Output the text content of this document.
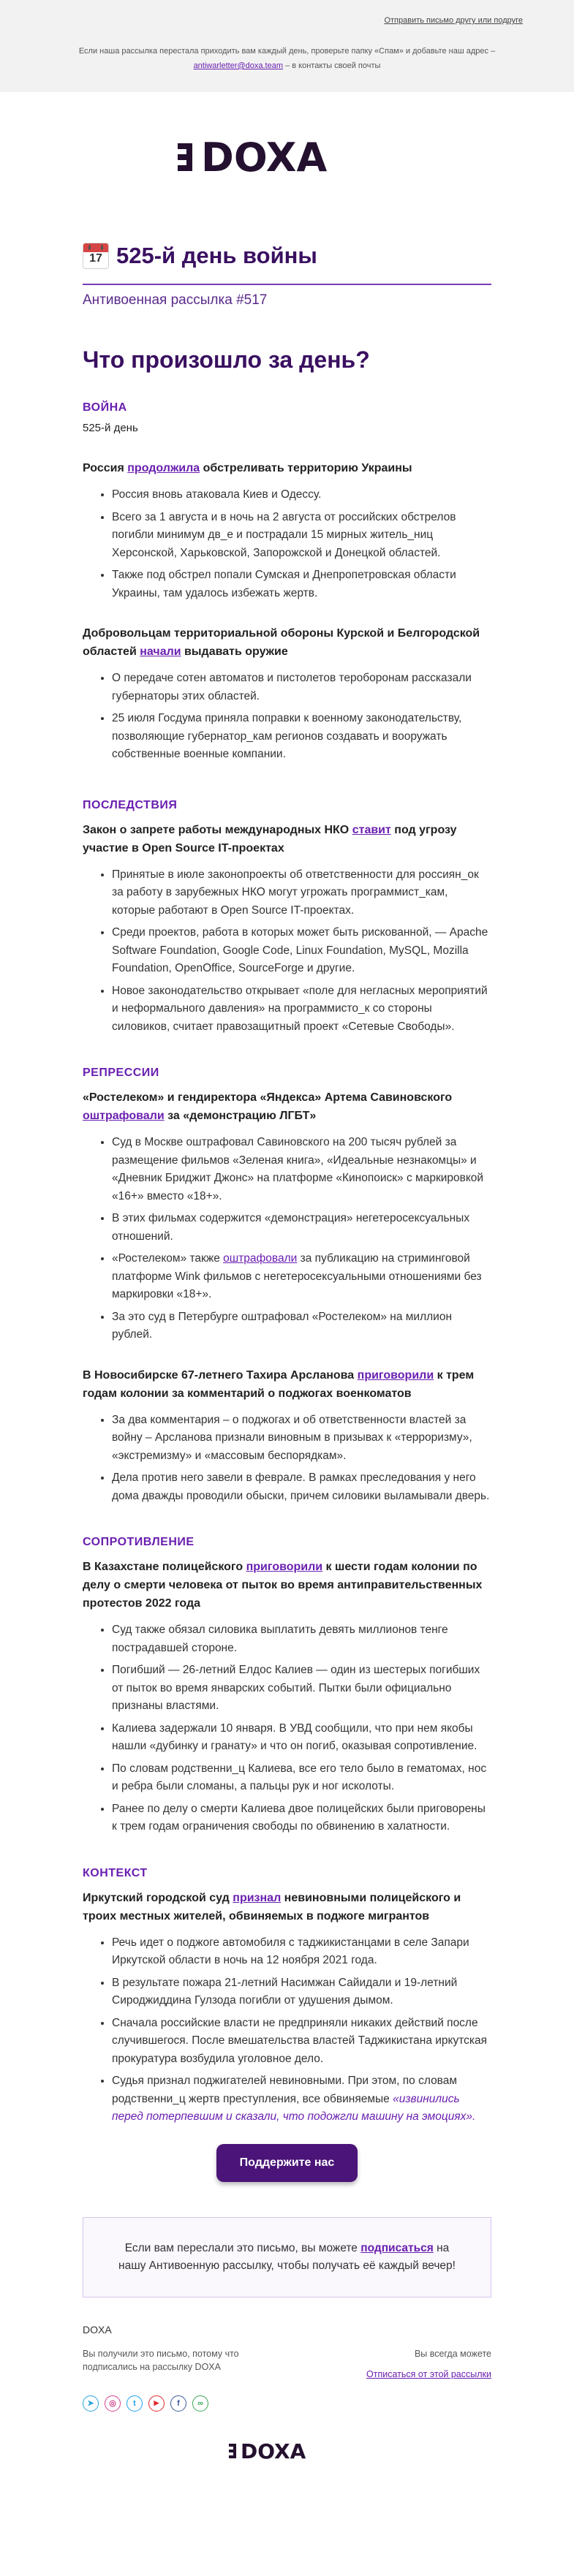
Отправить письмо другу или подруге
Если наша рассылка перестала приходить вам каждый день, проверьте папку «Спам» и добавьте наш адрес – antiwarletter@doxa.team – в контакты своей почты
DOXA
17 525-й день войны
Антивоенная рассылка #517
Что произошло за день?
ВОЙНА
525-й день
Россия продолжила обстреливать территорию Украины
• Россия вновь атаковала Киев и Одессу.
• Всего за 1 августа и в ночь на 2 августа от российских обстрелов погибли минимум дв_е и пострадали 15 мирных житель_ниц Херсонской, Харьковской, Запорожской и Донецкой областей.
• Также под обстрел попали Сумская и Днепропетровская области Украины, там удалось избежать жертв.
Добровольцам территориальной обороны Курской и Белгородской областей начали выдавать оружие
• О передаче сотен автоматов и пистолетов тероборонам рассказали губернаторы этих областей.
• 25 июля Госдума приняла поправки к военному законодательству, позволяющие губернатор_кам регионов создавать и вооружать собственные военные компании.
ПОСЛЕДСТВИЯ
Закон о запрете работы международных НКО ставит под угрозу участие в Open Source IT-проектах
• Принятые в июле законопроекты об ответственности для россиян_ок за работу в зарубежных НКО могут угрожать программист_кам, которые работают в Open Source IT-проектах.
• Среди проектов, работа в которых может быть рискованной, — Apache Software Foundation, Google Code, Linux Foundation, MySQL, Mozilla Foundation, OpenOffice, SourceForge и другие.
• Новое законодательство открывает «поле для негласных мероприятий и неформального давления» на программисто_к со стороны силовиков, считает правозащитный проект «Сетевые Свободы».
РЕПРЕССИИ
«Ростелеком» и гендиректора «Яндекса» Артема Савиновского оштрафовали за «демонстрацию ЛГБТ»
• Суд в Москве оштрафовал Савиновского на 200 тысяч рублей за размещение фильмов «Зеленая книга», «Идеальные незнакомцы» и «Дневник Бриджит Джонс» на платформе «Кинопоиск» с маркировкой «16+» вместо «18+».
• В этих фильмах содержится «демонстрация» негетеросексуальных отношений.
• «Ростелеком» также оштрафовали за публикацию на стриминговой платформе Wink фильмов с негетеросексуальными отношениями без маркировки «18+».
• За это суд в Петербурге оштрафовал «Ростелеком» на миллион рублей.
В Новосибирске 67-летнего Тахира Арсланова приговорили к трем годам колонии за комментарий о поджогах военкоматов
• За два комментария – о поджогах и об ответственности властей за войну – Арсланова признали виновным в призывах к «терроризму», «экстремизму» и «массовым беспорядкам».
• Дела против него завели в феврале. В рамках преследования у него дома дважды проводили обыски, причем силовики выламывали дверь.
СОПРОТИВЛЕНИЕ
В Казахстане полицейского приговорили к шести годам колонии по делу о смерти человека от пыток во время антиправительственных протестов 2022 года
• Суд также обязал силовика выплатить девять миллионов тенге пострадавшей стороне.
• Погибший — 26-летний Елдос Калиев — один из шестерых погибших от пыток во время январских событий. Пытки были официально признаны властями.
• Калиева задержали 10 января. В УВД сообщили, что при нем якобы нашли «дубинку и гранату» и что он погиб, оказывая сопротивление.
• По словам родственни_ц Калиева, все его тело было в гематомах, нос и ребра были сломаны, а пальцы рук и ног исколоты.
• Ранее по делу о смерти Калиева двое полицейских были приговорены к трем годам ограничения свободы по обвинению в халатности.
КОНТЕКСТ
Иркутский городской суд признал невиновными полицейского и троих местных жителей, обвиняемых в поджоге мигрантов
• Речь идет о поджоге автомобиля с таджикистанцами в селе Запари Иркутской области в ночь на 12 ноября 2021 года.
• В результате пожара 21-летний Насимжан Сайидали и 19-летний Сироджиддина Гулзода погибли от удушения дымом.
• Сначала российские власти не предприняли никаких действий после случившегося. После вмешательства властей Таджикистана иркутская прокуратура возбудила уголовное дело.
• Судья признал поджигателей невиновными. При этом, по словам родственни_ц жертв преступления, все обвиняемые «извинились перед потерпевшим и сказали, что подожгли машину на эмоциях».
Поддержите нас
Если вам переслали это письмо, вы можете подписаться на нашу Антивоенную рассылку, чтобы получать её каждый вечер!
DOXA
Вы получили это письмо, потому что подписались на рассылку DOXA
Вы всегда можете
Отписаться от этой рассылки
➤	◎	t	▶	f	∞
DOXA
